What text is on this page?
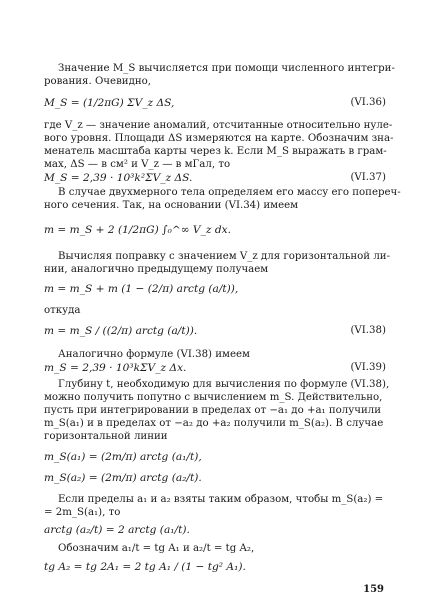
Значение M_S вычисляется при помощи численного интегри-
рования. Очевидно,
M_S = (1/2πG) ΣV_z ΔS,	(VI.36)
где V_z — значение аномалий, отсчитанные относительно нуле-
вого уровня. Площади ΔS измеряются на карте. Обозначим зна-
менатель масштаба карты через k. Если M_S выражать в грам-
мах, ΔS — в см² и V_z — в мГал, то
M_S = 2,39 · 10³k²ΣV_z ΔS.	(VI.37)
В случае двухмерного тела определяем его массу его попереч-
ного сечения. Так, на основании (VI.34) имеем
m = m_S + 2 (1/2πG) ∫₀^∞ V_z dx.
Вычисляя поправку с значением V_z для горизонтальной ли-
нии, аналогично предыдущему получаем
m = m_S + m (1 − (2/π) arctg (a/t)),
откуда
m = m_S / ((2/π) arctg (a/t)).	(VI.38)
Аналогично формуле (VI.38) имеем
m_S = 2,39 · 10³kΣV_z Δx.	(VI.39)
Глубину t, необходимую для вычисления по формуле (VI.38),
можно получить попутно с вычислением m_S. Действительно,
пусть при интегрировании в пределах от −a₁ до +a₁ получили
m_S(a₁) и в пределах от −a₂ до +a₂ получили m_S(a₂). В случае
горизонтальной линии
m_S(a₁) = (2m/π) arctg (a₁/t),
m_S(a₂) = (2m/π) arctg (a₂/t).
Если пределы a₁ и a₂ взяты таким образом, чтобы m_S(a₂) =
= 2m_S(a₁), то
arctg (a₂/t) = 2 arctg (a₁/t).
Обозначим a₁/t = tg A₁ и a₂/t = tg A₂,
tg A₂ = tg 2A₁ = 2 tg A₁ / (1 − tg² A₁).
159
